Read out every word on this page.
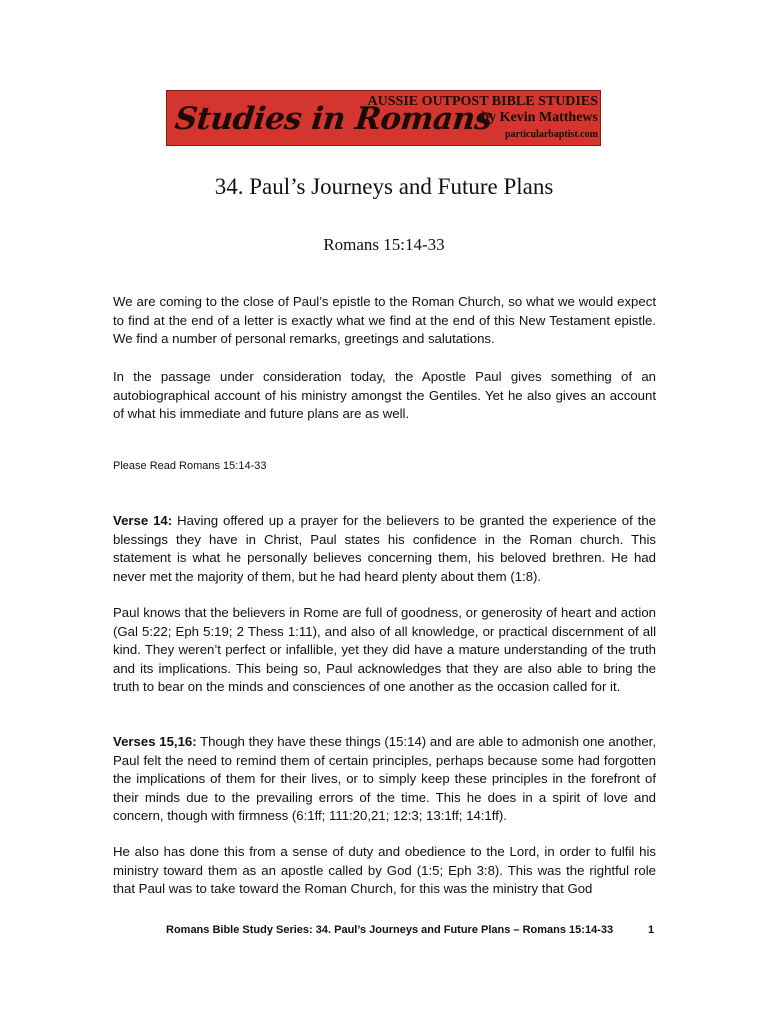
Studies in Romans
AUSSIE OUTPOST BIBLE STUDIES
by Kevin Matthews
particularbaptist.com
34. Paul’s Journeys and Future Plans
Romans 15:14-33

We are coming to the close of Paul’s epistle to the Roman Church, so what we would expect to find at the end of a letter is exactly what we find at the end of this New Testament epistle. We find a number of personal remarks, greetings and salutations.

In the passage under consideration today, the Apostle Paul gives something of an autobiographical account of his ministry amongst the Gentiles. Yet he also gives an account of what his immediate and future plans are as well.

Please Read Romans 15:14-33

Verse 14: Having offered up a prayer for the believers to be granted the experience of the blessings they have in Christ, Paul states his confidence in the Roman church. This statement is what he personally believes concerning them, his beloved brethren. He had never met the majority of them, but he had heard plenty about them (1:8).

Paul knows that the believers in Rome are full of goodness, or generosity of heart and action (Gal 5:22; Eph 5:19; 2 Thess 1:11), and also of all knowledge, or practical discernment of all kind. They weren’t perfect or infallible, yet they did have a mature understanding of the truth and its implications. This being so, Paul acknowledges that they are also able to bring the truth to bear on the minds and consciences of one another as the occasion called for it.

Verses 15,16: Though they have these things (15:14) and are able to admonish one another, Paul felt the need to remind them of certain principles, perhaps because some had forgotten the implications of them for their lives, or to simply keep these principles in the forefront of their minds due to the prevailing errors of the time. This he does in a spirit of love and concern, though with firmness (6:1ff; 111:20,21; 12:3; 13:1ff; 14:1ff).

He also has done this from a sense of duty and obedience to the Lord, in order to fulfil his ministry toward them as an apostle called by God (1:5; Eph 3:8). This was the rightful role that Paul was to take toward the Roman Church, for this was the ministry that God

Romans Bible Study Series: 34. Paul’s Journeys and Future Plans – Romans 15:14-33	1
